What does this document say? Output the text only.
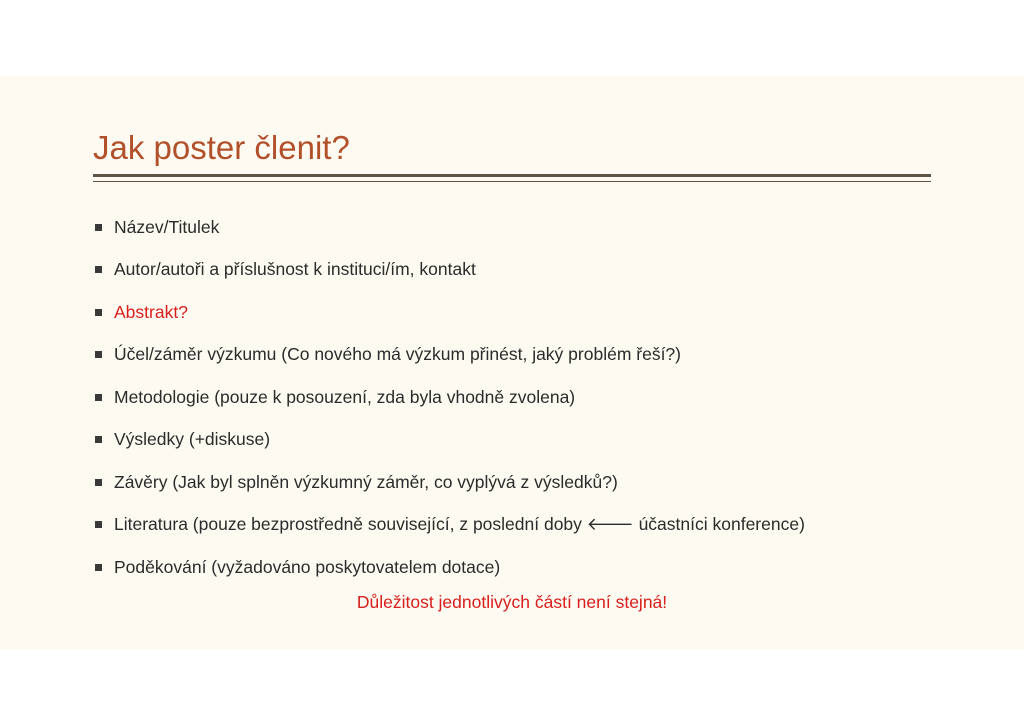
Jak poster členit?
Název/Titulek
Autor/autoři a příslušnost k instituci/ím, kontakt
Abstrakt?
Účel/záměr výzkumu (Co nového má výzkum přinést, jaký problém řeší?)
Metodologie (pouze k posouzení, zda byla vhodně zvolena)
Výsledky (+diskuse)
Závěry (Jak byl splněn výzkumný záměr, co vyplývá z výsledků?)
Literatura (pouze bezprostředně související, z poslední doby 🡐 účastníci konference)
Poděkování (vyžadováno poskytovatelem dotace)
Důležitost jednotlivých částí není stejná!
